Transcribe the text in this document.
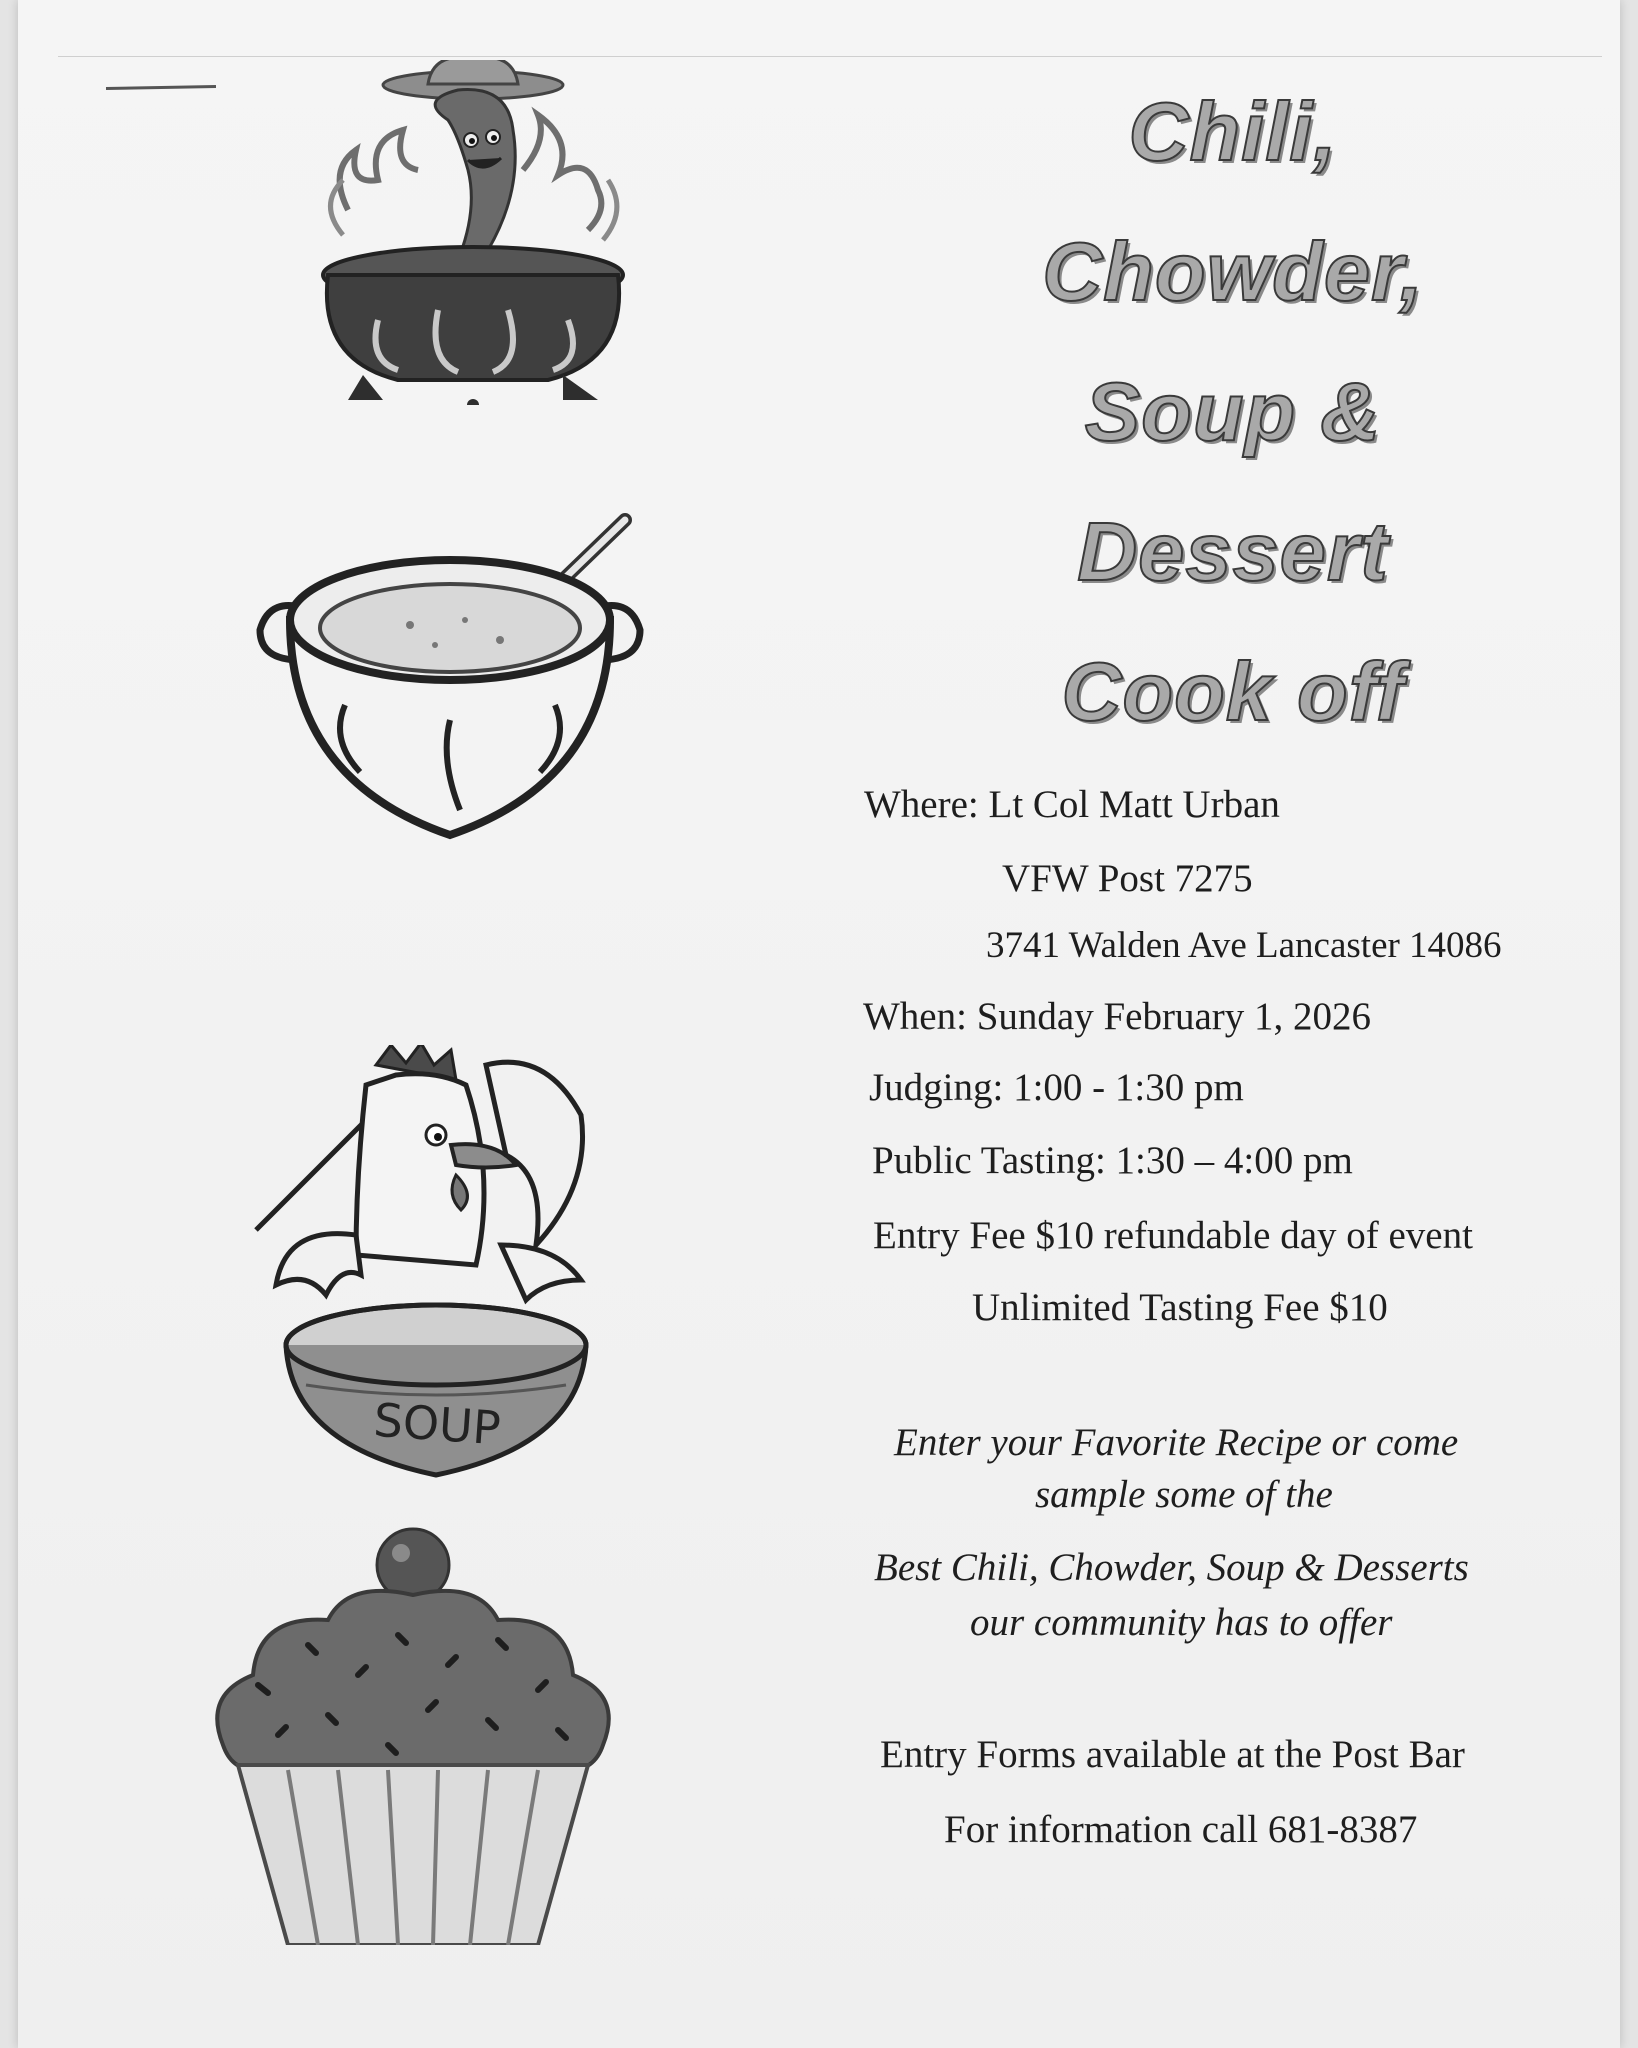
SOUP
Chili,
Chowder,
Soup &
Dessert
Cook off

Where: Lt Col Matt Urban

VFW Post 7275

3741 Walden Ave Lancaster 14086

When: Sunday February 1, 2026

Judging: 1:00 - 1:30 pm

Public Tasting: 1:30 – 4:00 pm

Entry Fee $10 refundable day of event

Unlimited Tasting Fee $10

Enter your Favorite Recipe or come

sample some of the

Best Chili, Chowder, Soup & Desserts

our community has to offer

Entry Forms available at the Post Bar

For information call 681-8387
